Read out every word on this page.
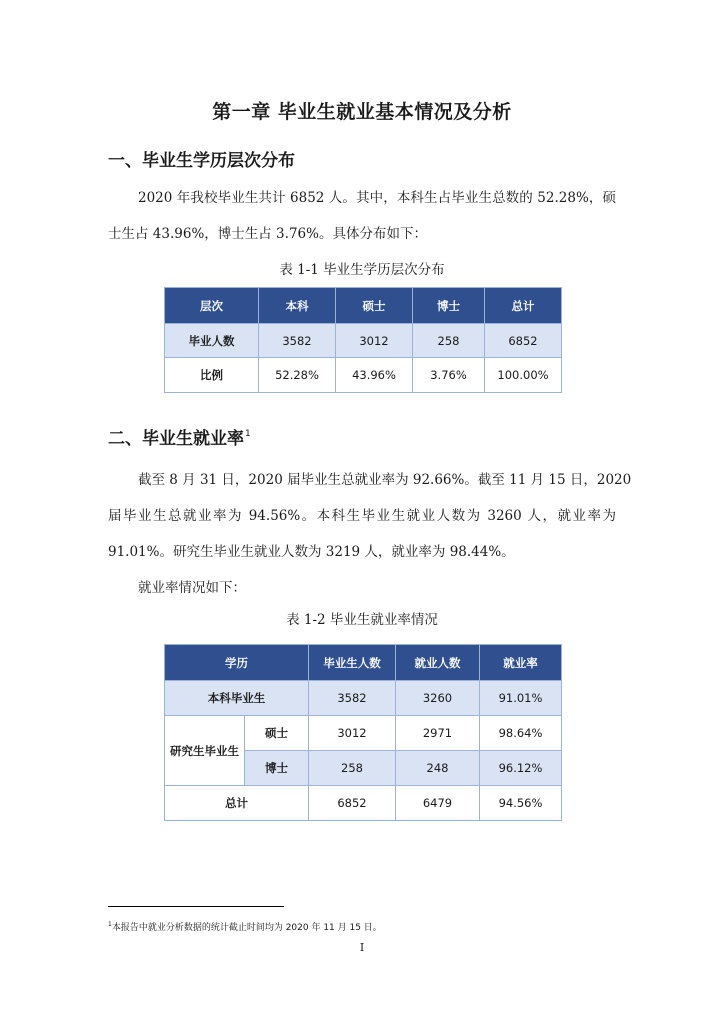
第一章 毕业生就业基本情况及分析
一、毕业生学历层次分布
2020 年我校毕业生共计 6852 人。其中，本科生占毕业生总数的 52.28%，硕
士生占 43.96%，博士生占 3.76%。具体分布如下：
表 1-1 毕业生学历层次分布
层次	本科	硕士	博士	总计
毕业人数	3582	3012	258	6852
比例	52.28%	43.96%	3.76%	100.00%
二、毕业生就业率$^1$
截至 8 月 31 日，2020 届毕业生总就业率为 92.66%。截至 11 月 15 日，2020
届毕业生总就业率为 94.56%。本科生毕业生就业人数为 3260 人，就业率为
91.01%。研究生毕业生就业人数为 3219 人，就业率为 98.44%。
就业率情况如下：
表 1-2 毕业生就业率情况
学历		毕业生人数	就业人数	就业率
本科毕业生		3582	3260	91.01%
研究生毕业生	硕士	3012	2971	98.64%
	博士	258	248	96.12%
总计		6852	6479	94.56%
$^1$本报告中就业分析数据的统计截止时间均为 2020 年 11 月 15 日。
I
